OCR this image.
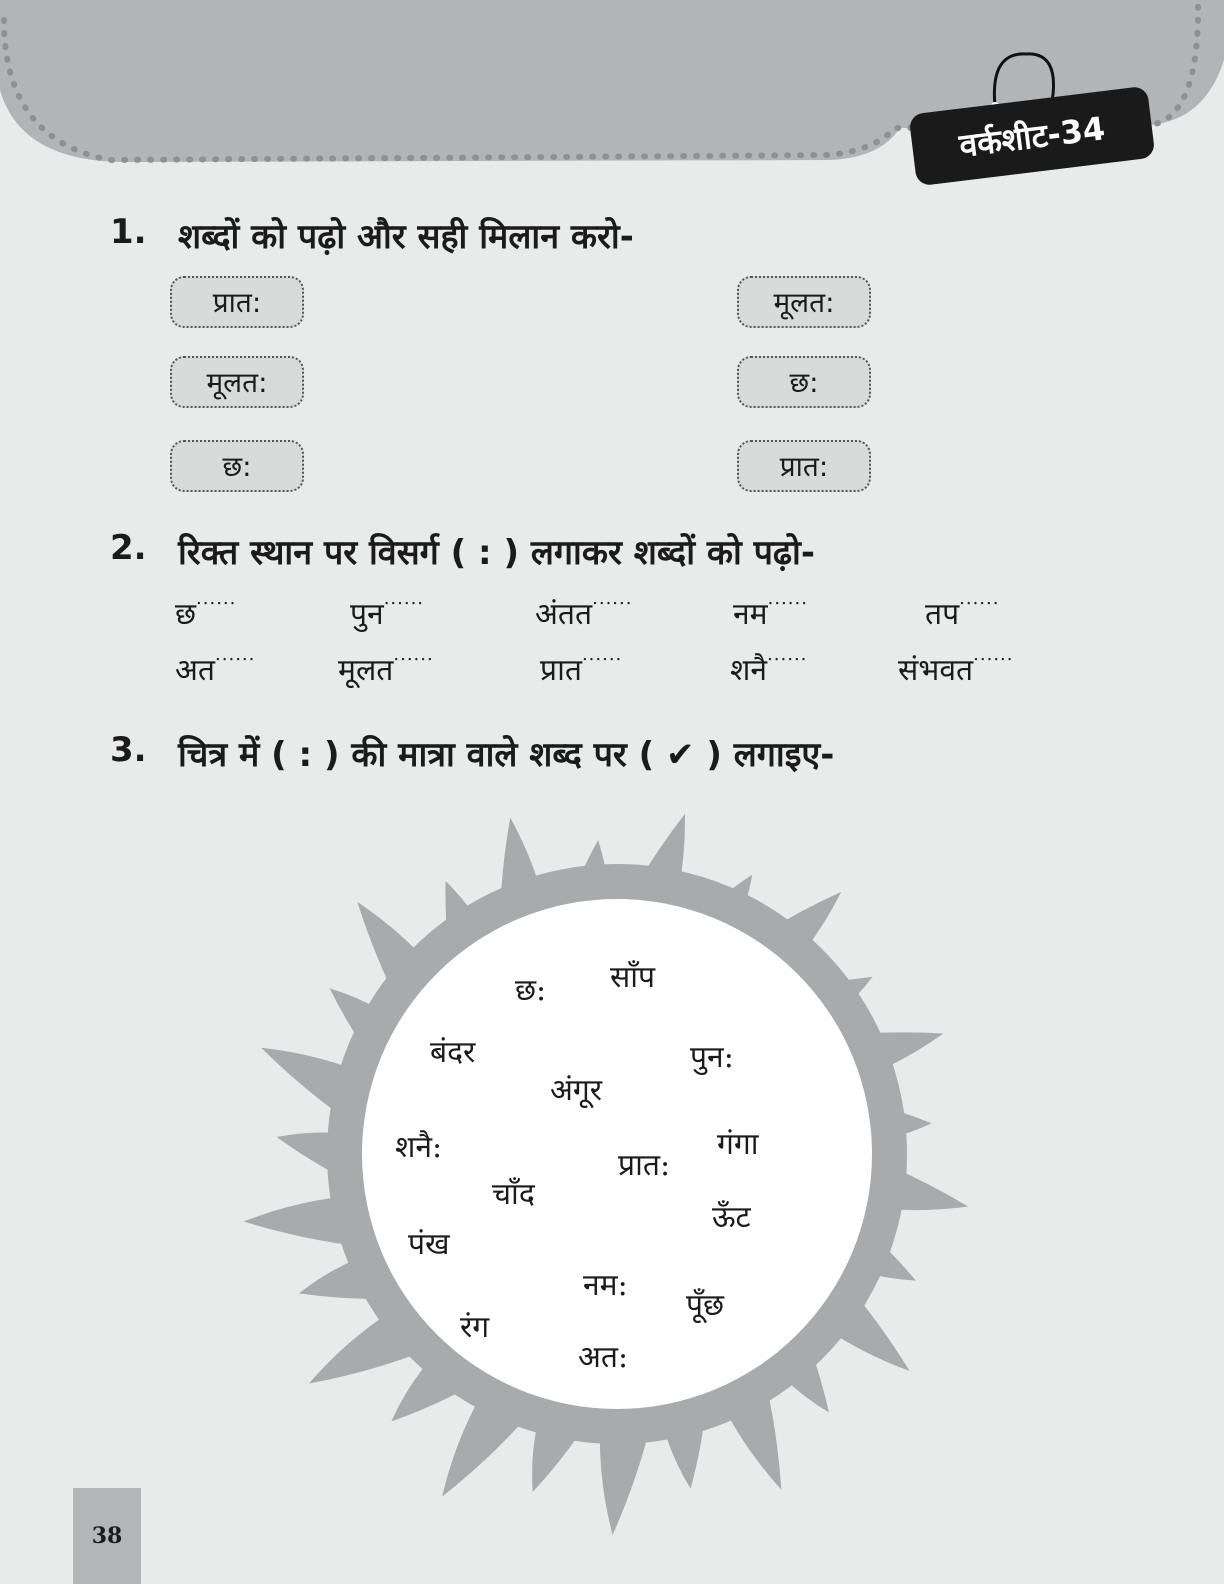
वर्कशीट-34
1. शब्दों को पढ़ो और सही मिलान करो-
प्रात:
मूलत:
छ:
मूलत:
छ:
प्रात:
2. रिक्त स्थान पर विसर्ग ( : ) लगाकर शब्दों को पढ़ो-
छ......	पुन......	अंतत......	नम......	तप......
अत......	मूलत......	प्रात......	शनै......	संभवत......
3. चित्र में ( : ) की मात्रा वाले शब्द पर ( ✔ ) लगाइए-
छ: साँप
बंदर	पुन:
अंगूर
शनै:	गंगा
प्रात:
चाँद
ऊँट
पंख
नम:
पूँछ
रंग
अत:
38
